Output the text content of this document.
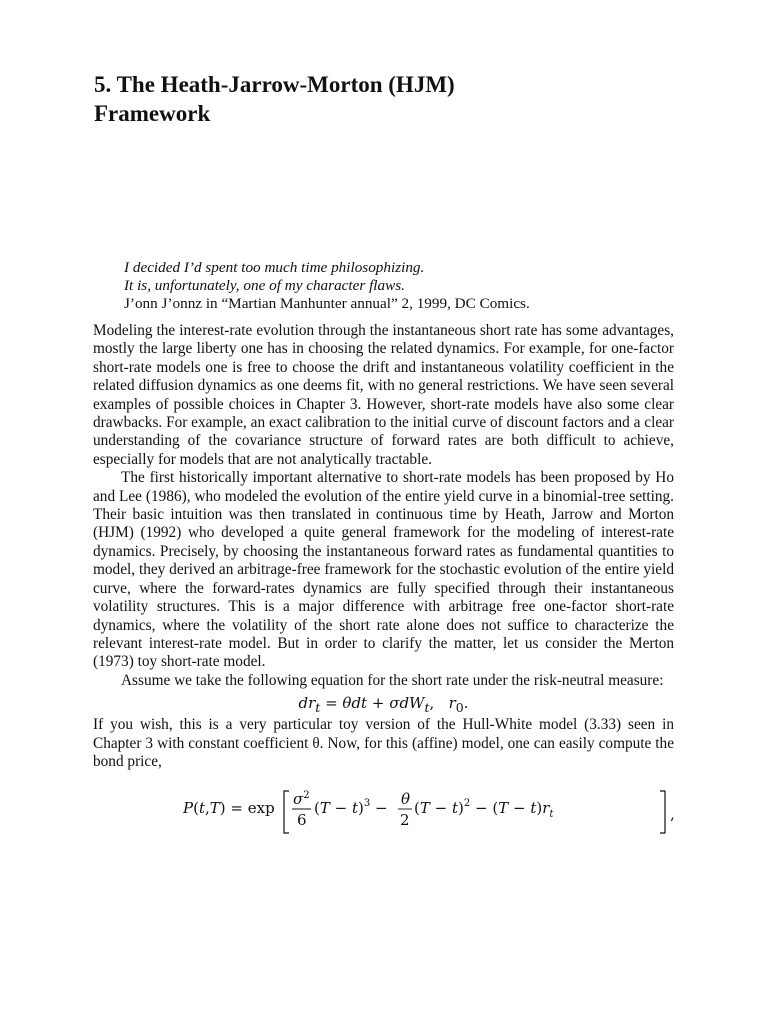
5. The Heath-Jarrow-Morton (HJM)
Framework
I decided I’d spent too much time philosophizing.
It is, unfortunately, one of my character flaws.
J’onn J’onnz in “Martian Manhunter annual” 2, 1999, DC Comics.

Modeling the interest-rate evolution through the instantaneous short rate has some advantages, mostly the large liberty one has in choosing the related dynamics. For example, for one-factor short-rate models one is free to choose the drift and instantaneous volatility coefficient in the related diffusion dynamics as one deems fit, with no general restrictions. We have seen several examples of possible choices in Chapter 3. However, short-rate models have also some clear drawbacks. For example, an exact calibration to the initial curve of discount factors and a clear understanding of the covariance structure of forward rates are both difficult to achieve, especially for models that are not analytically tractable.

The first historically important alternative to short-rate models has been proposed by Ho and Lee (1986), who modeled the evolution of the entire yield curve in a binomial-tree setting. Their basic intuition was then translated in continuous time by Heath, Jarrow and Morton (HJM) (1992) who developed a quite general framework for the modeling of interest-rate dynamics. Precisely, by choosing the instantaneous forward rates as fundamental quantities to model, they derived an arbitrage-free framework for the stochastic evolution of the entire yield curve, where the forward-rates dynamics are fully specified through their instantaneous volatility structures. This is a major difference with arbitrage free one-factor short-rate dynamics, where the volatility of the short rate alone does not suffice to characterize the relevant interest-rate model. But in order to clarify the matter, let us consider the Merton (1973) toy short-rate model.

Assume we take the following equation for the short rate under the risk-neutral measure:

$dr_t = \theta dt + \sigma dW_t$,   $r_0$.

If you wish, this is a very particular toy version of the Hull-White model (3.33) seen in Chapter 3 with constant coefficient θ. Now, for this (affine) model, one can easily compute the bond price,

$P(t,T) = \exp \sigma^2$
6
$(T - t)^3 - \theta$
2
$(T - t)^2 - (T - t)r_t$	,
